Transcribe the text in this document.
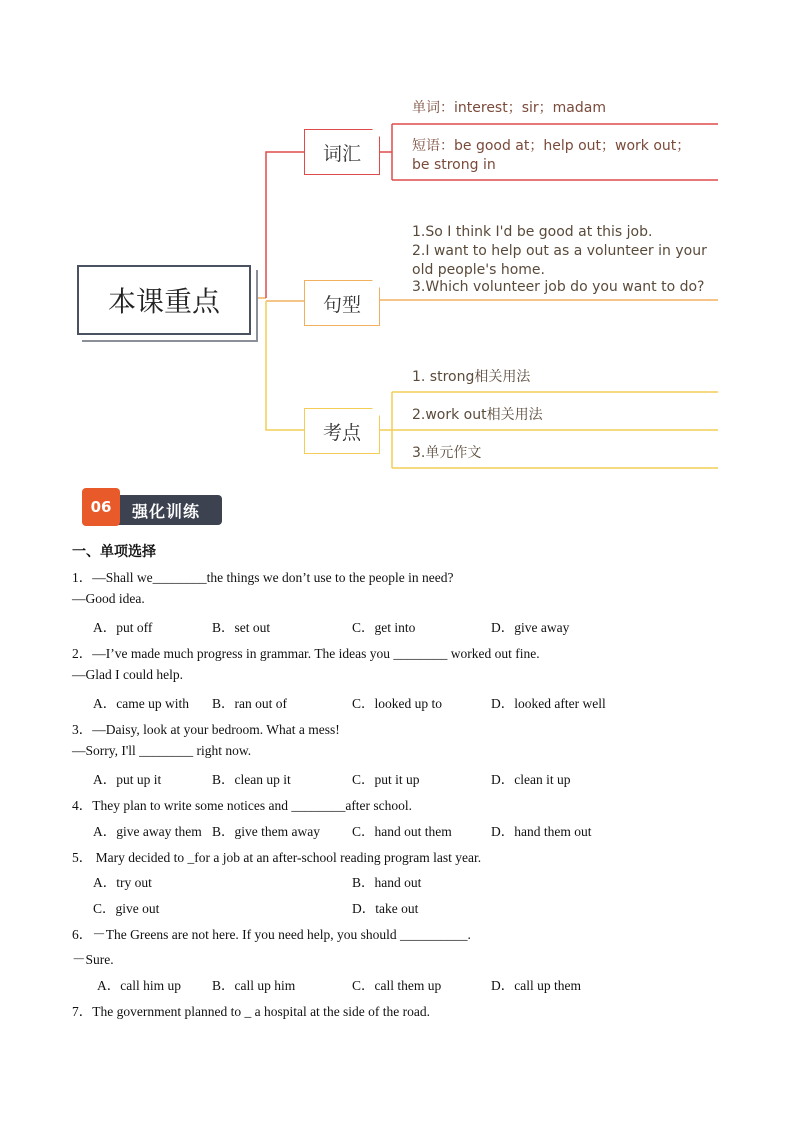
本课重点
词汇
句型
考点
单词：interest；sir；madam
短语：be good at；help out；work out；be strong in
1.So I think I'd be good at this job.
2.I want to help out as a volunteer in your old people's home.
3.Which volunteer job do you want to do?
1. strong相关用法
2.work out相关用法
3.单元作文
06	强化训练
一、单项选择
1．—Shall we________the things we don’t use to the people in need?
—Good idea.
A．put off	B．set out	C．get into	D．give away
2．—I’ve made much progress in grammar. The ideas you ________ worked out fine.
—Glad I could help.
A．came up with B．ran out of	C．looked up to	D．looked after well
3．—Daisy, look at your bedroom. What a mess!
—Sorry, I'll ________ right now.
A．put up it	B．clean up it	C．put it up	D．clean it up
4．They plan to write some notices and ________after school.
A．give away them B．give them away C．hand out them	D．hand them out
5． Mary decided to _for a job at an after-school reading program last year.
A．try out	B．hand out
C．give out	D．take out
6．－The Greens are not here. If you need help, you should __________.
－Sure.
A．call him up B．call up him	C．call them up	D．call up them
7．The government planned to _ a hospital at the side of the road.
